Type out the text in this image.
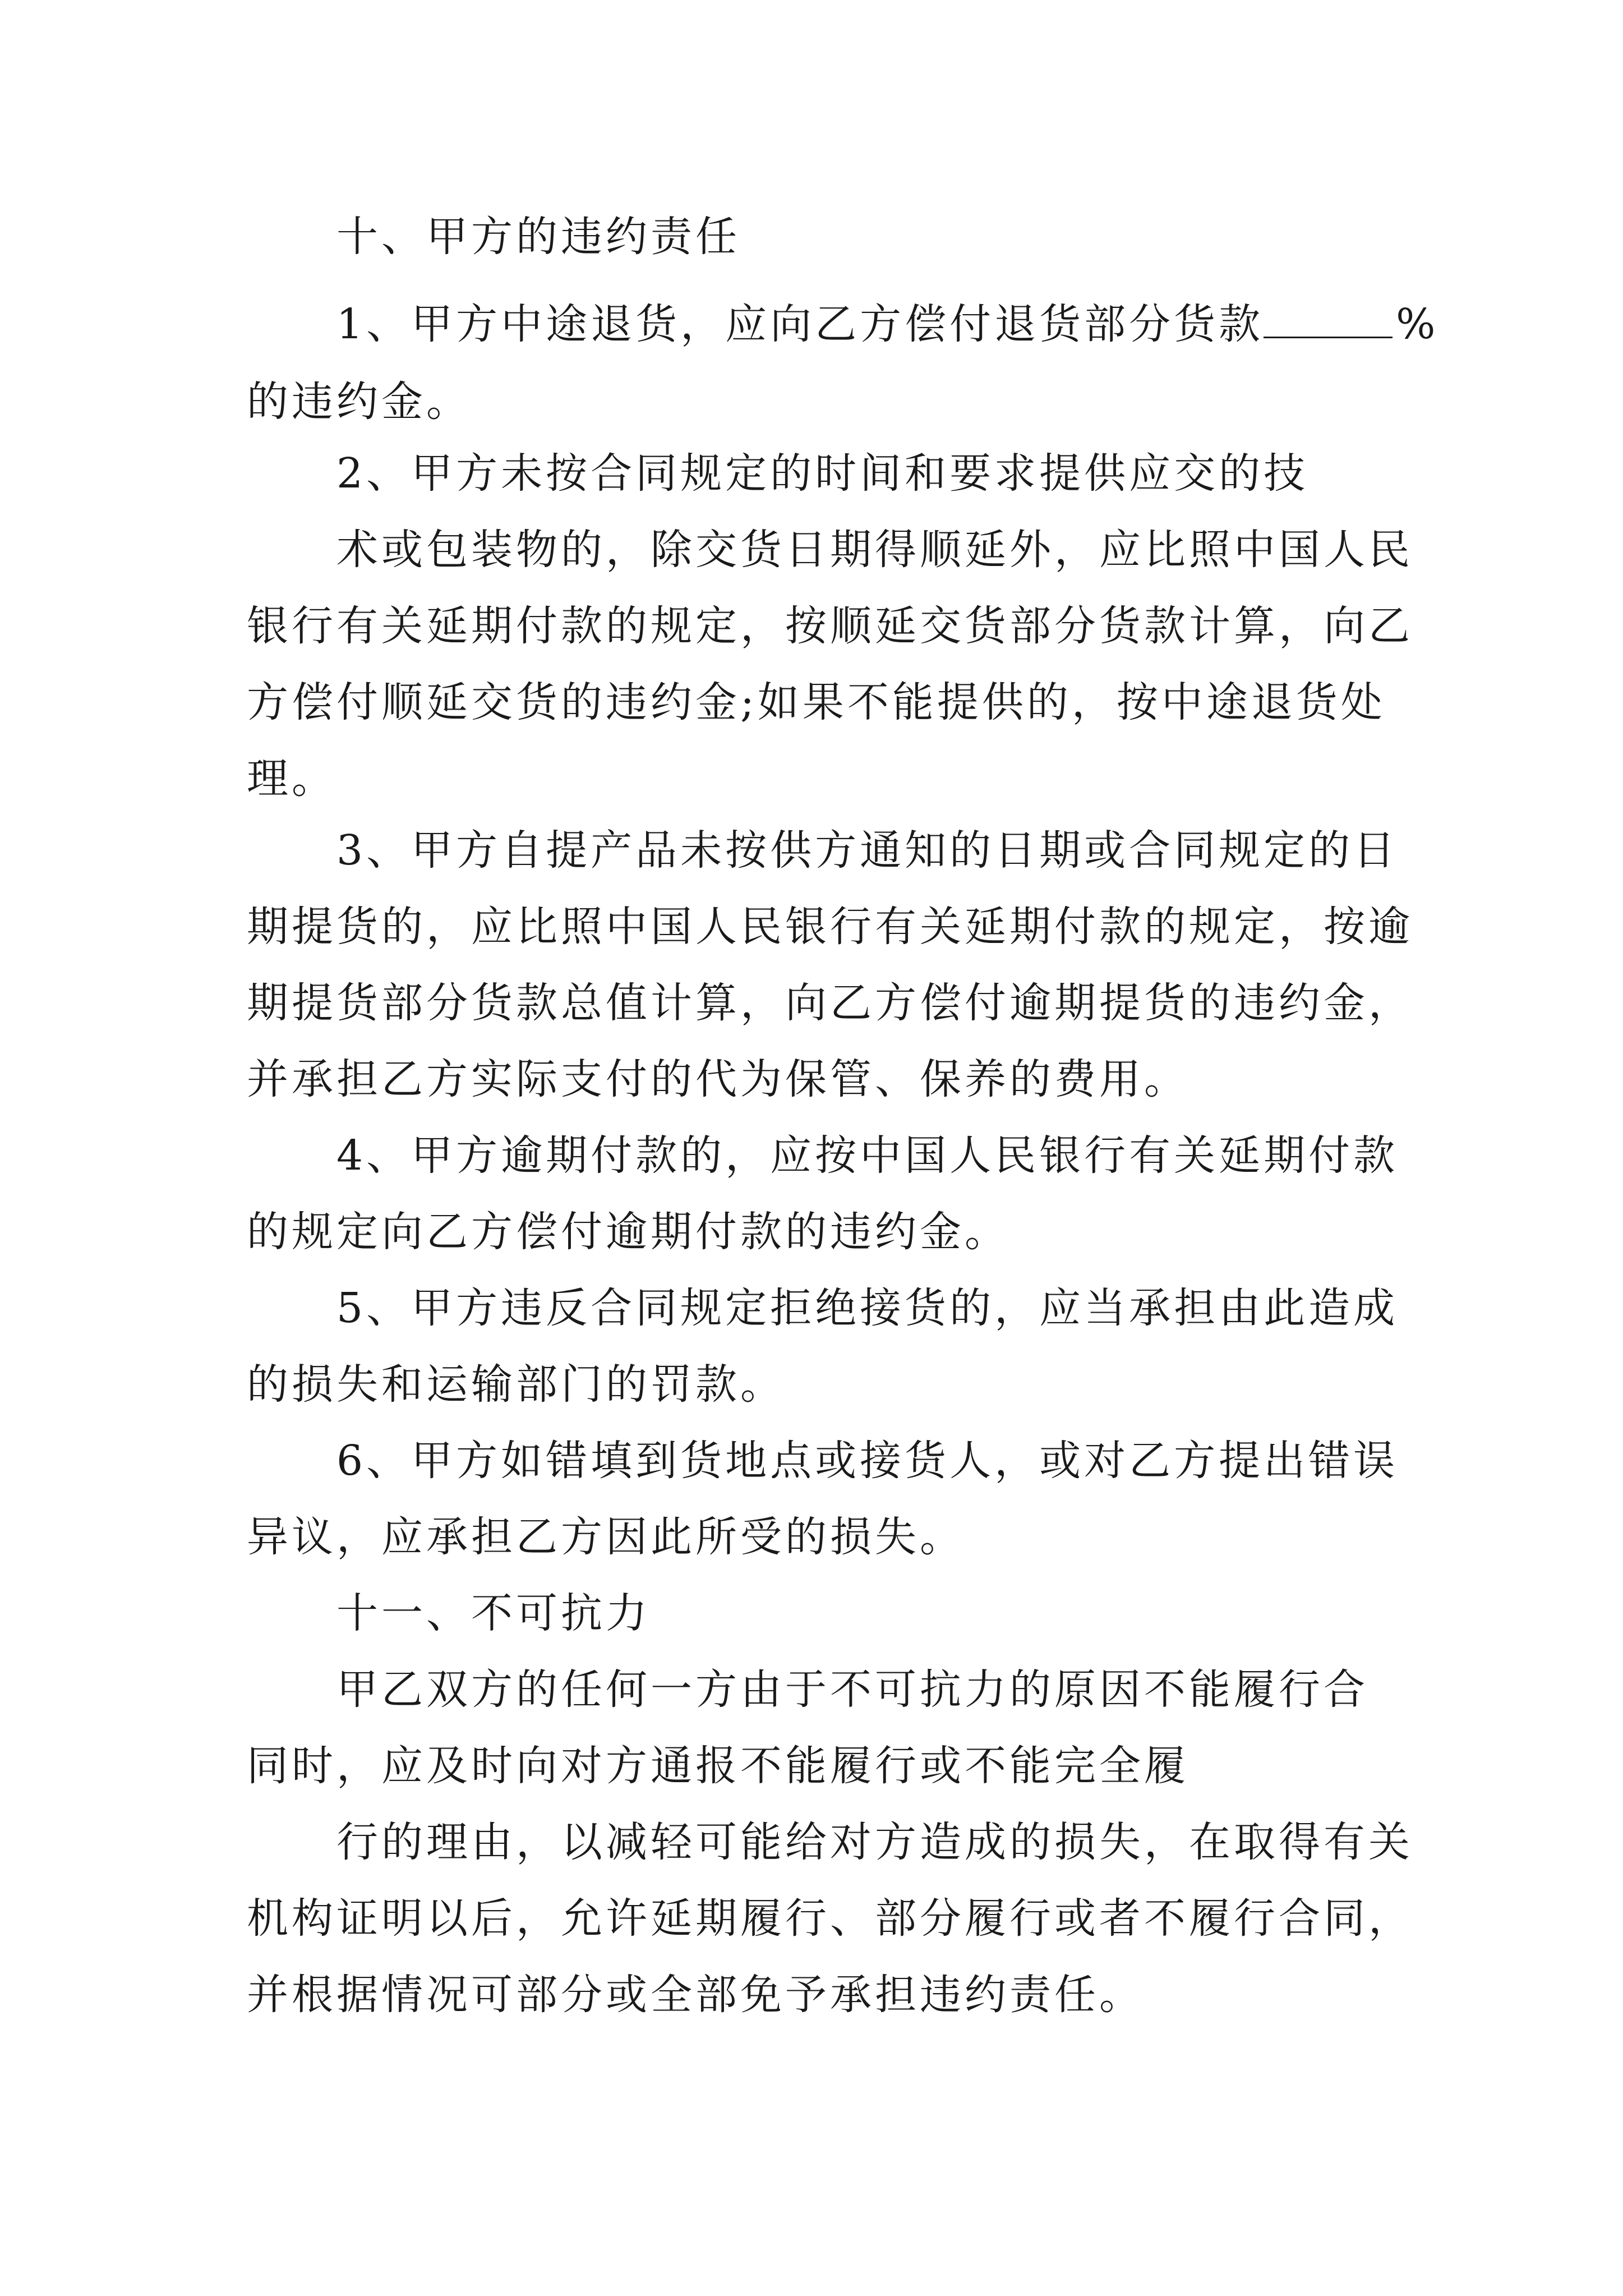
十、甲方的违约责任
1、甲方中途退货，应向乙方偿付退货部分货款	%
的违约金。
2、甲方未按合同规定的时间和要求提供应交的技
术或包装物的，除交货日期得顺延外，应比照中国人民
银行有关延期付款的规定，按顺延交货部分货款计算，向乙
方偿付顺延交货的违约金;如果不能提供的，按中途退货处
理。
3、甲方自提产品未按供方通知的日期或合同规定的日
期提货的，应比照中国人民银行有关延期付款的规定，按逾
期提货部分货款总值计算，向乙方偿付逾期提货的违约金，
并承担乙方实际支付的代为保管、保养的费用。
4、甲方逾期付款的，应按中国人民银行有关延期付款
的规定向乙方偿付逾期付款的违约金。
5、甲方违反合同规定拒绝接货的，应当承担由此造成
的损失和运输部门的罚款。
6、甲方如错填到货地点或接货人，或对乙方提出错误
异议，应承担乙方因此所受的损失。
十一、不可抗力
甲乙双方的任何一方由于不可抗力的原因不能履行合
同时，应及时向对方通报不能履行或不能完全履
行的理由，以减轻可能给对方造成的损失，在取得有关
机构证明以后，允许延期履行、部分履行或者不履行合同，
并根据情况可部分或全部免予承担违约责任。
